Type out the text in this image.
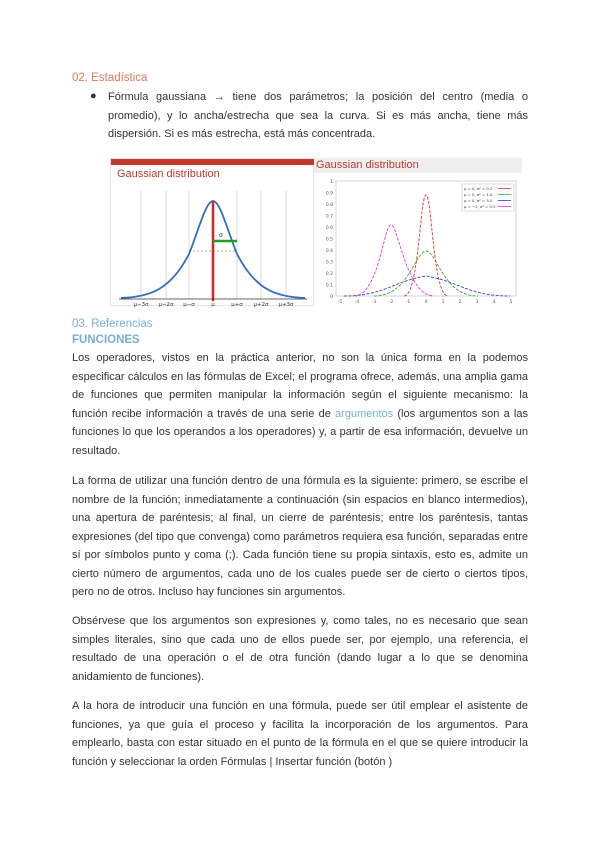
02. Estadística
● Fórmula gaussiana → tiene dos parámetros; la posición del centro (media o promedio), y lo ancha/estrecha que sea la curva. Si es más ancha, tiene más dispersión. Si es más estrecha, está más concentrada.
Gaussian distribution
σ
μ−3σ μ−2σ μ−σ	μ	μ+σ μ+2σ μ+3σ
Gaussian distribution
1
0.9
0.8
0.7
0.6
0.5
0.4
0.3
0.2
0.1
0
-5	-4	-3	-2	-1	0	1	2	3	4	5
μ = 0, σ² = 0.2
μ = 0, σ² = 1.0
μ = 0, σ² = 5.0
μ = −2, σ² = 0.5
03. Referencias
FUNCIONES
Los operadores, vistos en la práctica anterior, no son la única forma en la podemos especificar cálculos en las fórmulas de Excel; el programa ofrece, además, una amplia gama de funciones que permiten manipular la información según el siguiente mecanismo: la función recibe información a través de una serie de argumentos (los argumentos son a las funciones lo que los operandos a los operadores) y, a partir de esa información, devuelve un resultado.
La forma de utilizar una función dentro de una fórmula es la siguiente: primero, se escribe el nombre de la función; inmediatamente a continuación (sin espacios en blanco intermedios), una apertura de paréntesis; al final, un cierre de paréntesis; entre los paréntesis, tantas expresiones (del tipo que convenga) como parámetros requiera esa función, separadas entre sí por símbolos punto y coma (;). Cada función tiene su propia sintaxis, esto es, admite un cierto número de argumentos, cada uno de los cuales puede ser de cierto o ciertos tipos, pero no de otros. Incluso hay funciones sin argumentos.
Obsérvese que los argumentos son expresiones y, como tales, no es necesario que sean simples literales, sino que cada uno de ellos puede ser, por ejemplo, una referencia, el resultado de una operación o el de otra función (dando lugar a lo que se denomina anidamiento de funciones).
A la hora de introducir una función en una fórmula, puede ser útil emplear el asistente de funciones, ya que guía el proceso y facilita la incorporación de los argumentos. Para emplearlo, basta con estar situado en el punto de la fórmula en el que se quiere introducir la función y seleccionar la orden Fórmulas | Insertar función (botón )
